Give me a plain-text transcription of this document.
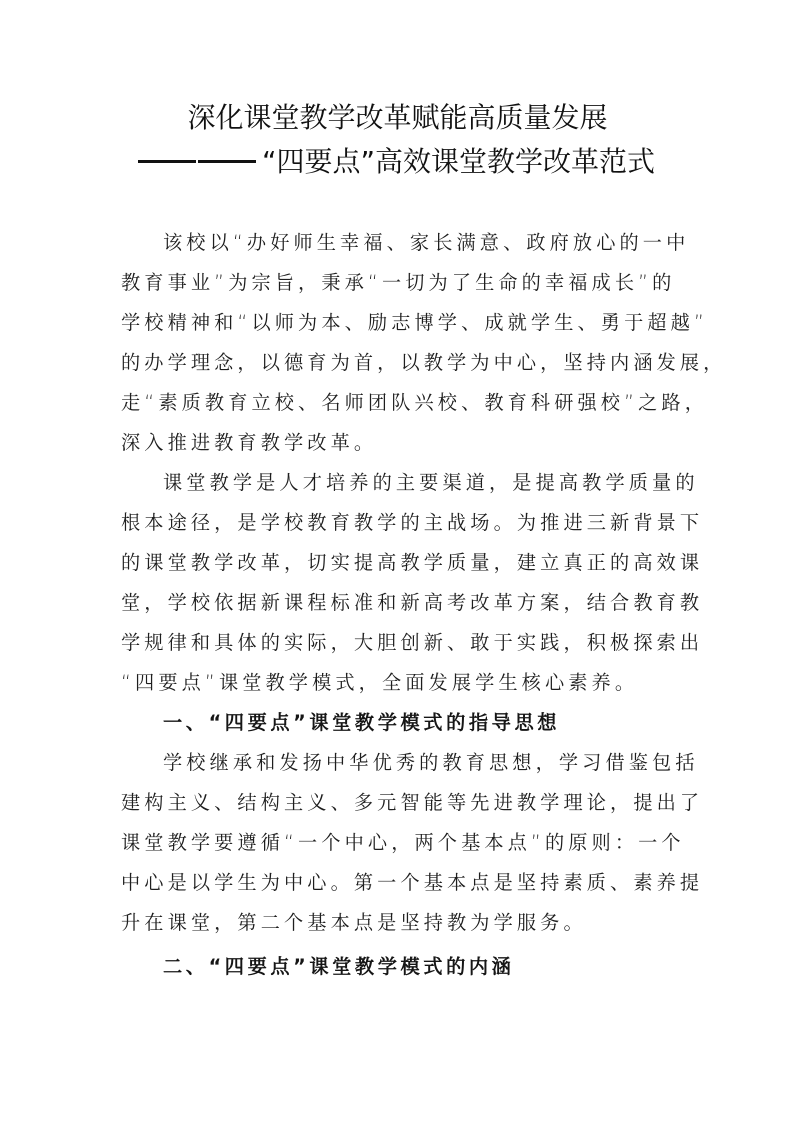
深化课堂教学改革赋能高质量发展
“四要点”高效课堂教学改革范式
该校以“办好师生幸福、家长满意、政府放心的一中
教育事业”为宗旨，秉承“一切为了生命的幸福成长”的
学校精神和“以师为本、励志博学、成就学生、勇于超越”
的办学理念，以德育为首，以教学为中心，坚持内涵发展，
走“素质教育立校、名师团队兴校、教育科研强校”之路，
深入推进教育教学改革。
课堂教学是人才培养的主要渠道，是提高教学质量的
根本途径，是学校教育教学的主战场。为推进三新背景下
的课堂教学改革，切实提高教学质量，建立真正的高效课
堂，学校依据新课程标准和新高考改革方案，结合教育教
学规律和具体的实际，大胆创新、敢于实践，积极探索出
“四要点”课堂教学模式，全面发展学生核心素养。
一、“四要点”课堂教学模式的指导思想
学校继承和发扬中华优秀的教育思想，学习借鉴包括
建构主义、结构主义、多元智能等先进教学理论，提出了
课堂教学要遵循“一个中心，两个基本点”的原则：一个
中心是以学生为中心。第一个基本点是坚持素质、素养提
升在课堂，第二个基本点是坚持教为学服务。
二、“四要点”课堂教学模式的内涵
